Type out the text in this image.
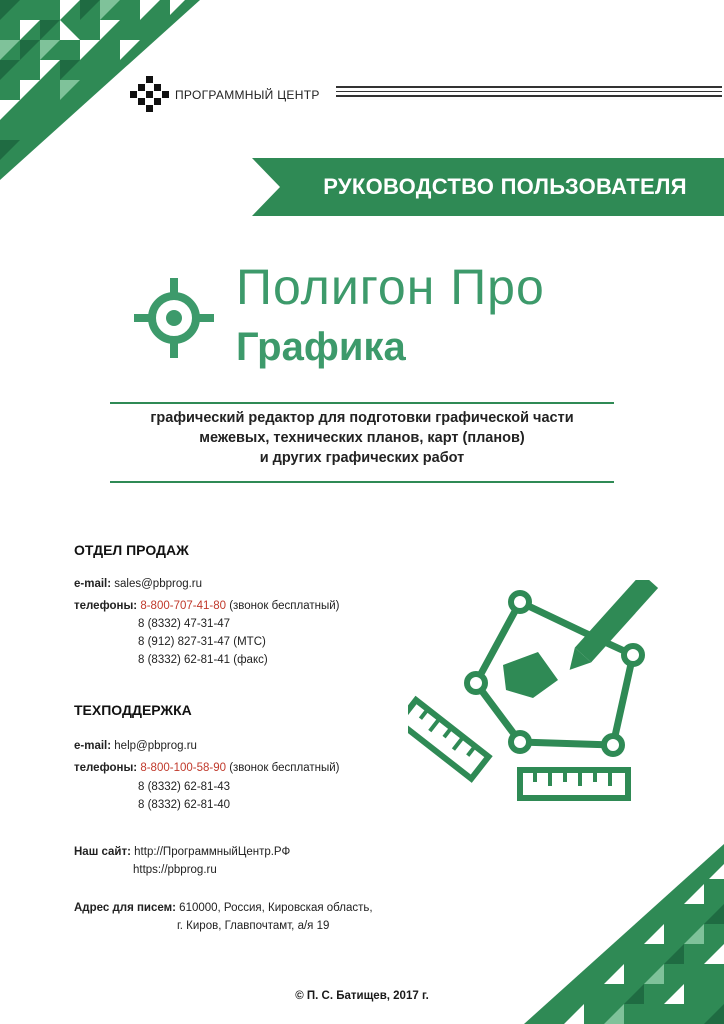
ПРОГРАММНЫЙ ЦЕНТР
РУКОВОДСТВО ПОЛЬЗОВАТЕЛЯ
Полигон Про
Графика
графический редактор для подготовки графической части
межевых, технических планов, карт (планов)
и других графических работ
ОТДЕЛ ПРОДАЖ
e-mail: sales@pbprog.ru
телефоны: 8-800-707-41-80 (звонок бесплатный)
8 (8332) 47-31-47
8 (912) 827-31-47 (МТС)
8 (8332) 62-81-41 (факс)
ТЕХПОДДЕРЖКА
e-mail: help@pbprog.ru
телефоны: 8-800-100-58-90 (звонок бесплатный)
8 (8332) 62-81-43
8 (8332) 62-81-40
Наш сайт: http://ПрограммныйЦентр.РФ
https://pbprog.ru
Адрес для писем: 610000, Россия, Кировская область,
г. Киров, Главпочтамт, а/я 19
© П. С. Батищев, 2017 г.
